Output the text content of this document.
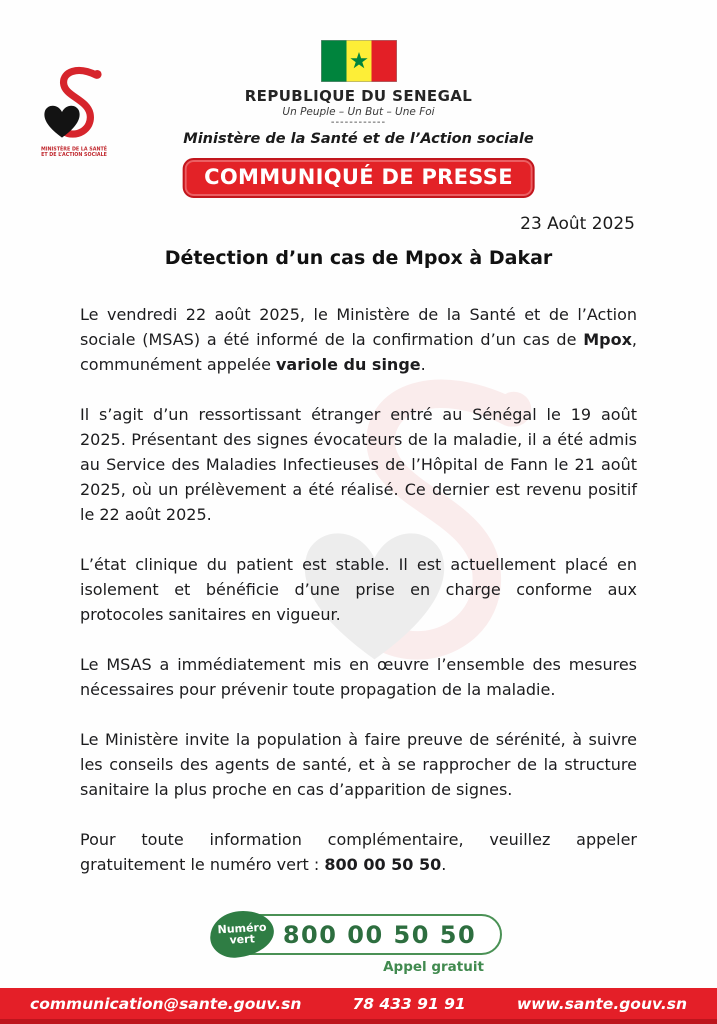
MINISTÈRE DE LA SANTÉ
ET DE L’ACTION SOCIALE
REPUBLIQUE DU SENEGAL
Un Peuple – Un But – Une Foi
------------
Ministère de la Santé et de l’Action sociale
COMMUNIQUÉ DE PRESSE
23 Août 2025
Détection d’un cas de Mpox à Dakar

Le vendredi 22 août 2025, le Ministère de la Santé et de l’Action sociale (MSAS) a été informé de la confirmation d’un cas de Mpox, communément appelée variole du singe.

Il s’agit d’un ressortissant étranger entré au Sénégal le 19 août 2025. Présentant des signes évocateurs de la maladie, il a été admis au Service des Maladies Infectieuses de l’Hôpital de Fann le 21 août 2025, où un prélèvement a été réalisé. Ce dernier est revenu positif le 22 août 2025.

L’état clinique du patient est stable. Il est actuellement placé en isolement et bénéficie d’une prise en charge conforme aux protocoles sanitaires en vigueur.

Le MSAS a immédiatement mis en œuvre l’ensemble des mesures nécessaires pour prévenir toute propagation de la maladie.

Le Ministère invite la population à faire preuve de sérénité, à suivre les conseils des agents de santé, et à se rapprocher de la structure sanitaire la plus proche en cas d’apparition de signes.

Pour toute information complémentaire, veuillez appeler gratuitement le numéro vert : 800 00 50 50.

Numéro
vert 800 00 50 50
Appel gratuit
communication@sante.gouv.sn	78 433 91 91	www.sante.gouv.sn
